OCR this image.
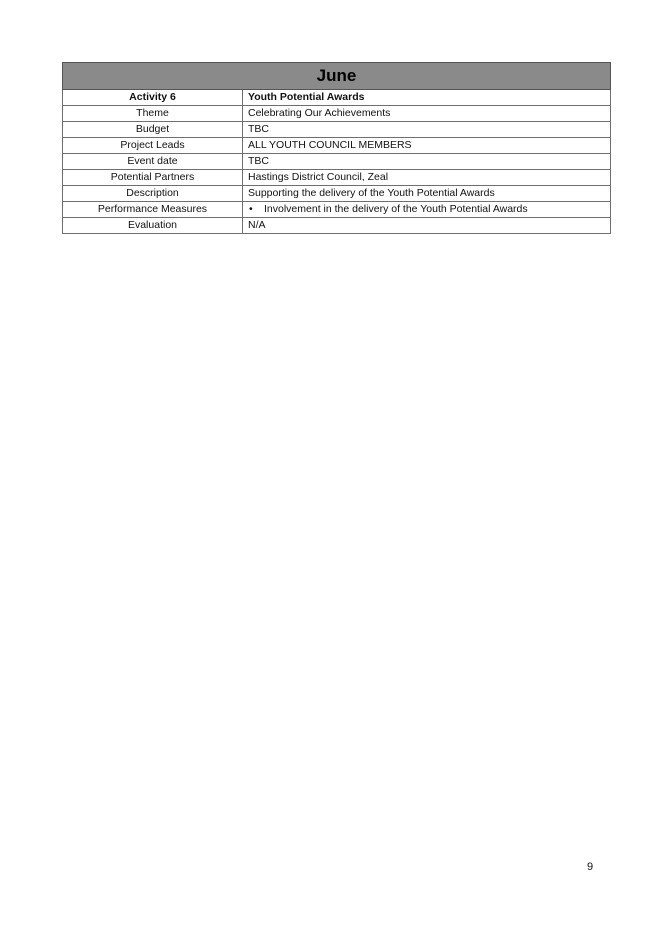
June	
Activity 6	Youth Potential Awards
Theme	Celebrating Our Achievements
Budget	TBC
Project Leads	ALL YOUTH COUNCIL MEMBERS
Event date	TBC
Potential Partners	Hastings District Council, Zeal
Description	Supporting the delivery of the Youth Potential Awards
Performance Measures	• Involvement in the delivery of the Youth Potential Awards
Evaluation	N/A
9
